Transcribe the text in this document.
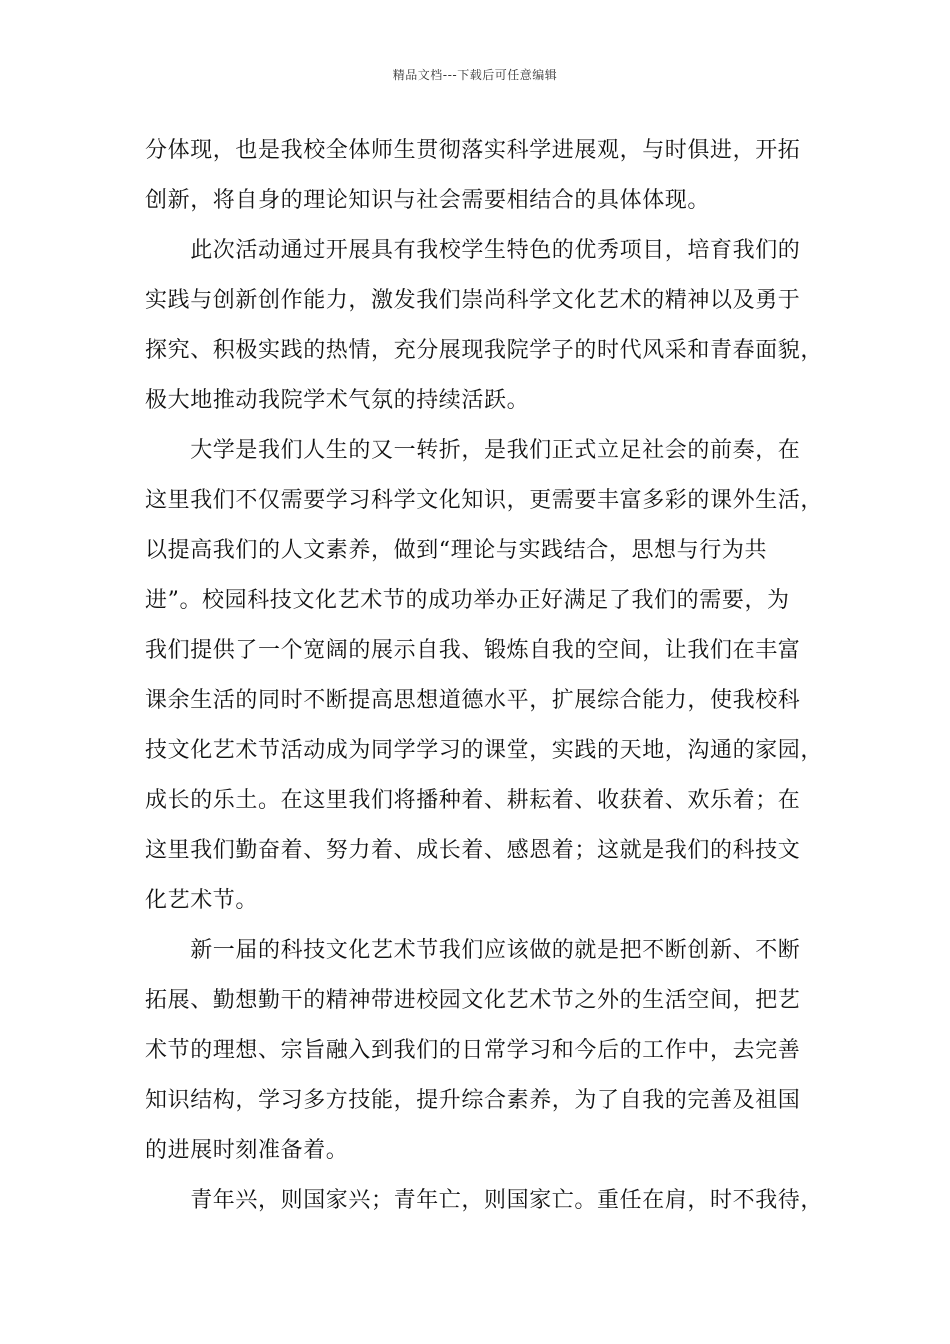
精品文档---下载后可任意编辑
分体现，也是我校全体师生贯彻落实科学进展观，与时俱进，开拓
创新，将自身的理论知识与社会需要相结合的具体体现。
　　此次活动通过开展具有我校学生特色的优秀项目，培育我们的
实践与创新创作能力，激发我们崇尚科学文化艺术的精神以及勇于
探究、积极实践的热情，充分展现我院学子的时代风采和青春面貌，
极大地推动我院学术气氛的持续活跃。
　　大学是我们人生的又一转折，是我们正式立足社会的前奏，在
这里我们不仅需要学习科学文化知识，更需要丰富多彩的课外生活，
以提高我们的人文素养，做到“理论与实践结合，思想与行为共
进”。校园科技文化艺术节的成功举办正好满足了我们的需要，为
我们提供了一个宽阔的展示自我、锻炼自我的空间，让我们在丰富
课余生活的同时不断提高思想道德水平，扩展综合能力，使我校科
技文化艺术节活动成为同学学习的课堂，实践的天地，沟通的家园，
成长的乐土。在这里我们将播种着、耕耘着、收获着、欢乐着；在
这里我们勤奋着、努力着、成长着、感恩着；这就是我们的科技文
化艺术节。
　　新一届的科技文化艺术节我们应该做的就是把不断创新、不断
拓展、勤想勤干的精神带进校园文化艺术节之外的生活空间，把艺
术节的理想、宗旨融入到我们的日常学习和今后的工作中，去完善
知识结构，学习多方技能，提升综合素养，为了自我的完善及祖国
的进展时刻准备着。
　　青年兴，则国家兴；青年亡，则国家亡。重任在肩，时不我待，
